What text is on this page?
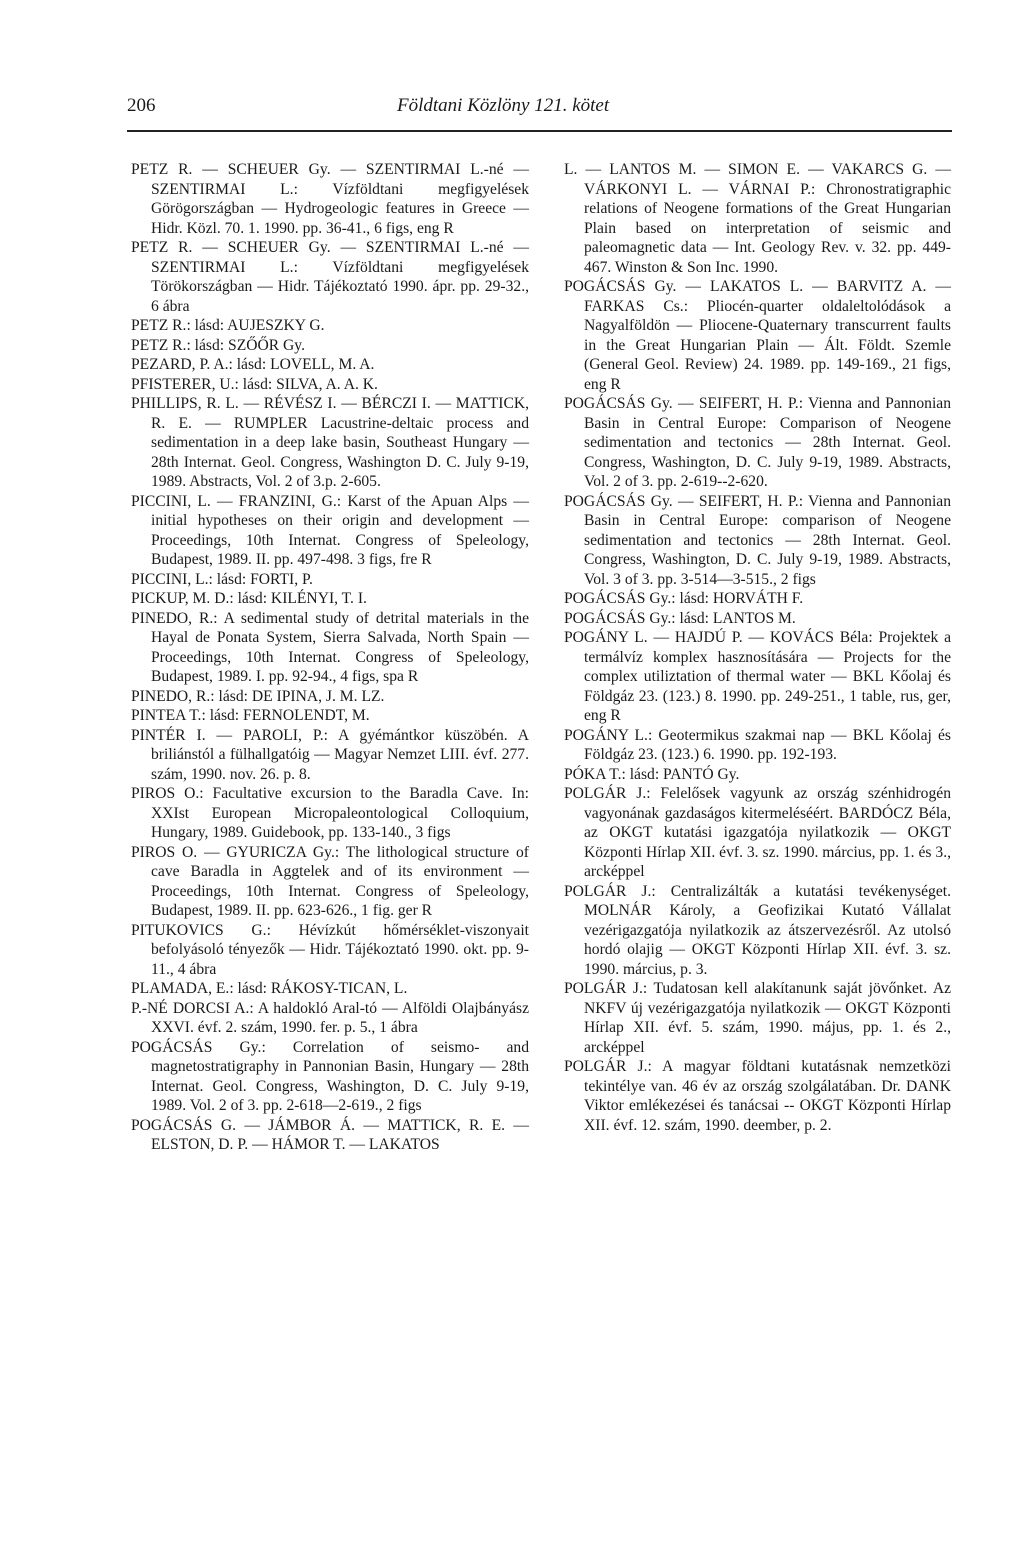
206	Földtani Közlöny 121. kötet
PETZ R. — SCHEUER Gy. — SZENTIRMAI L.-né — SZENTIRMAI L.: Vízföldtani megfigyelések Görögországban — Hydrogeologic features in Greece — Hidr. Közl. 70. 1. 1990. pp. 36-41., 6 figs, eng R
PETZ R. — SCHEUER Gy. — SZENTIRMAI L.-né — SZENTIRMAI L.: Vízföldtani megfigyelések Törökországban — Hidr. Tájékoztató 1990. ápr. pp. 29-32., 6 ábra
PETZ R.: lásd: AUJESZKY G.
PETZ R.: lásd: SZŐŐR Gy.
PEZARD, P. A.: lásd: LOVELL, M. A.
PFISTERER, U.: lásd: SILVA, A. A. K.
PHILLIPS, R. L. — RÉVÉSZ I. — BÉRCZI I. — MATTICK, R. E. — RUMPLER Lacustrine-deltaic process and sedimentation in a deep lake basin, Southeast Hungary — 28th Internat. Geol. Congress, Washington D. C. July 9-19, 1989. Abstracts, Vol. 2 of 3.p. 2-605.
PICCINI, L. — FRANZINI, G.: Karst of the Apuan Alps — initial hypotheses on their origin and development — Proceedings, 10th Internat. Congress of Speleology, Budapest, 1989. II. pp. 497-498. 3 figs, fre R
PICCINI, L.: lásd: FORTI, P.
PICKUP, M. D.: lásd: KILÉNYI, T. I.
PINEDO, R.: A sedimental study of detrital materials in the Hayal de Ponata System, Sierra Salvada, North Spain — Proceedings, 10th Internat. Congress of Speleology, Budapest, 1989. I. pp. 92-94., 4 figs, spa R
PINEDO, R.: lásd: DE IPINA, J. M. LZ.
PINTEA T.: lásd: FERNOLENDT, M.
PINTÉR I. — PAROLI, P.: A gyémántkor küszöbén. A briliánstól a fülhallgatóig — Magyar Nemzet LIII. évf. 277. szám, 1990. nov. 26. p. 8.
PIROS O.: Facultative excursion to the Baradla Cave. In: XXIst European Micropaleontological Colloquium, Hungary, 1989. Guidebook, pp. 133-140., 3 figs
PIROS O. — GYURICZA Gy.: The lithological structure of cave Baradla in Aggtelek and of its environment — Proceedings, 10th Internat. Congress of Speleology, Budapest, 1989. II. pp. 623-626., 1 fig. ger R
PITUKOVICS G.: Hévízkút hőmérséklet-viszonyait befolyásoló tényezők — Hidr. Tájékoztató 1990. okt. pp. 9-11., 4 ábra
PLAMADA, E.: lásd: RÁKOSY-TICAN, L.
P.-NÉ DORCSI A.: A haldokló Aral-tó — Alföldi Olajbányász XXVI. évf. 2. szám, 1990. fer. p. 5., 1 ábra
POGÁCSÁS Gy.: Correlation of seismo- and magnetostratigraphy in Pannonian Basin, Hungary — 28th Internat. Geol. Congress, Washington, D. C. July 9-19, 1989. Vol. 2 of 3. pp. 2-618—2-619., 2 figs
POGÁCSÁS G. — JÁMBOR Á. — MATTICK, R. E. — ELSTON, D. P. — HÁMOR T. — LAKATOS
L. — LANTOS M. — SIMON E. — VAKARCS G. — VÁRKONYI L. — VÁRNAI P.: Chronostratigraphic relations of Neogene formations of the Great Hungarian Plain based on interpretation of seismic and paleomagnetic data — Int. Geology Rev. v. 32. pp. 449-467. Winston & Son Inc. 1990.
POGÁCSÁS Gy. — LAKATOS L. — BARVITZ A. — FARKAS Cs.: Pliocén-quarter oldaleltolódások a Nagyalföldön — Pliocene-Quaternary transcurrent faults in the Great Hungarian Plain — Ált. Földt. Szemle (General Geol. Review) 24. 1989. pp. 149-169., 21 figs, eng R
POGÁCSÁS Gy. — SEIFERT, H. P.: Vienna and Pannonian Basin in Central Europe: Comparison of Neogene sedimentation and tectonics — 28th Internat. Geol. Congress, Washington, D. C. July 9-19, 1989. Abstracts, Vol. 2 of 3. pp. 2-619--2-620.
POGÁCSÁS Gy. — SEIFERT, H. P.: Vienna and Pannonian Basin in Central Europe: comparison of Neogene sedimentation and tectonics — 28th Internat. Geol. Congress, Washington, D. C. July 9-19, 1989. Abstracts, Vol. 3 of 3. pp. 3-514—3-515., 2 figs
POGÁCSÁS Gy.: lásd: HORVÁTH F.
POGÁCSÁS Gy.: lásd: LANTOS M.
POGÁNY L. — HAJDÚ P. — KOVÁCS Béla: Projektek a termálvíz komplex hasznosítására — Projects for the complex utiliztation of thermal water — BKL Kőolaj és Földgáz 23. (123.) 8. 1990. pp. 249-251., 1 table, rus, ger, eng R
POGÁNY L.: Geotermikus szakmai nap — BKL Kőolaj és Földgáz 23. (123.) 6. 1990. pp. 192-193.
PÓKA T.: lásd: PANTÓ Gy.
POLGÁR J.: Felelősek vagyunk az ország szénhidrogén vagyonának gazdaságos kitermeléséért. BARDÓCZ Béla, az OKGT kutatási igazgatója nyilatkozik — OKGT Központi Hírlap XII. évf. 3. sz. 1990. március, pp. 1. és 3., arcképpel
POLGÁR J.: Centralizálták a kutatási tevékenységet. MOLNÁR Károly, a Geofizikai Kutató Vállalat vezérigazgatója nyilatkozik az átszervezésről. Az utolsó hordó olajig — OKGT Központi Hírlap XII. évf. 3. sz. 1990. március, p. 3.
POLGÁR J.: Tudatosan kell alakítanunk saját jövőnket. Az NKFV új vezérigazgatója nyilatkozik — OKGT Központi Hírlap XII. évf. 5. szám, 1990. május, pp. 1. és 2., arcképpel
POLGÁR J.: A magyar földtani kutatásnak nemzetközi tekintélye van. 46 év az ország szolgálatában. Dr. DANK Viktor emlékezései és tanácsai -- OKGT Központi Hírlap XII. évf. 12. szám, 1990. deember, p. 2.
